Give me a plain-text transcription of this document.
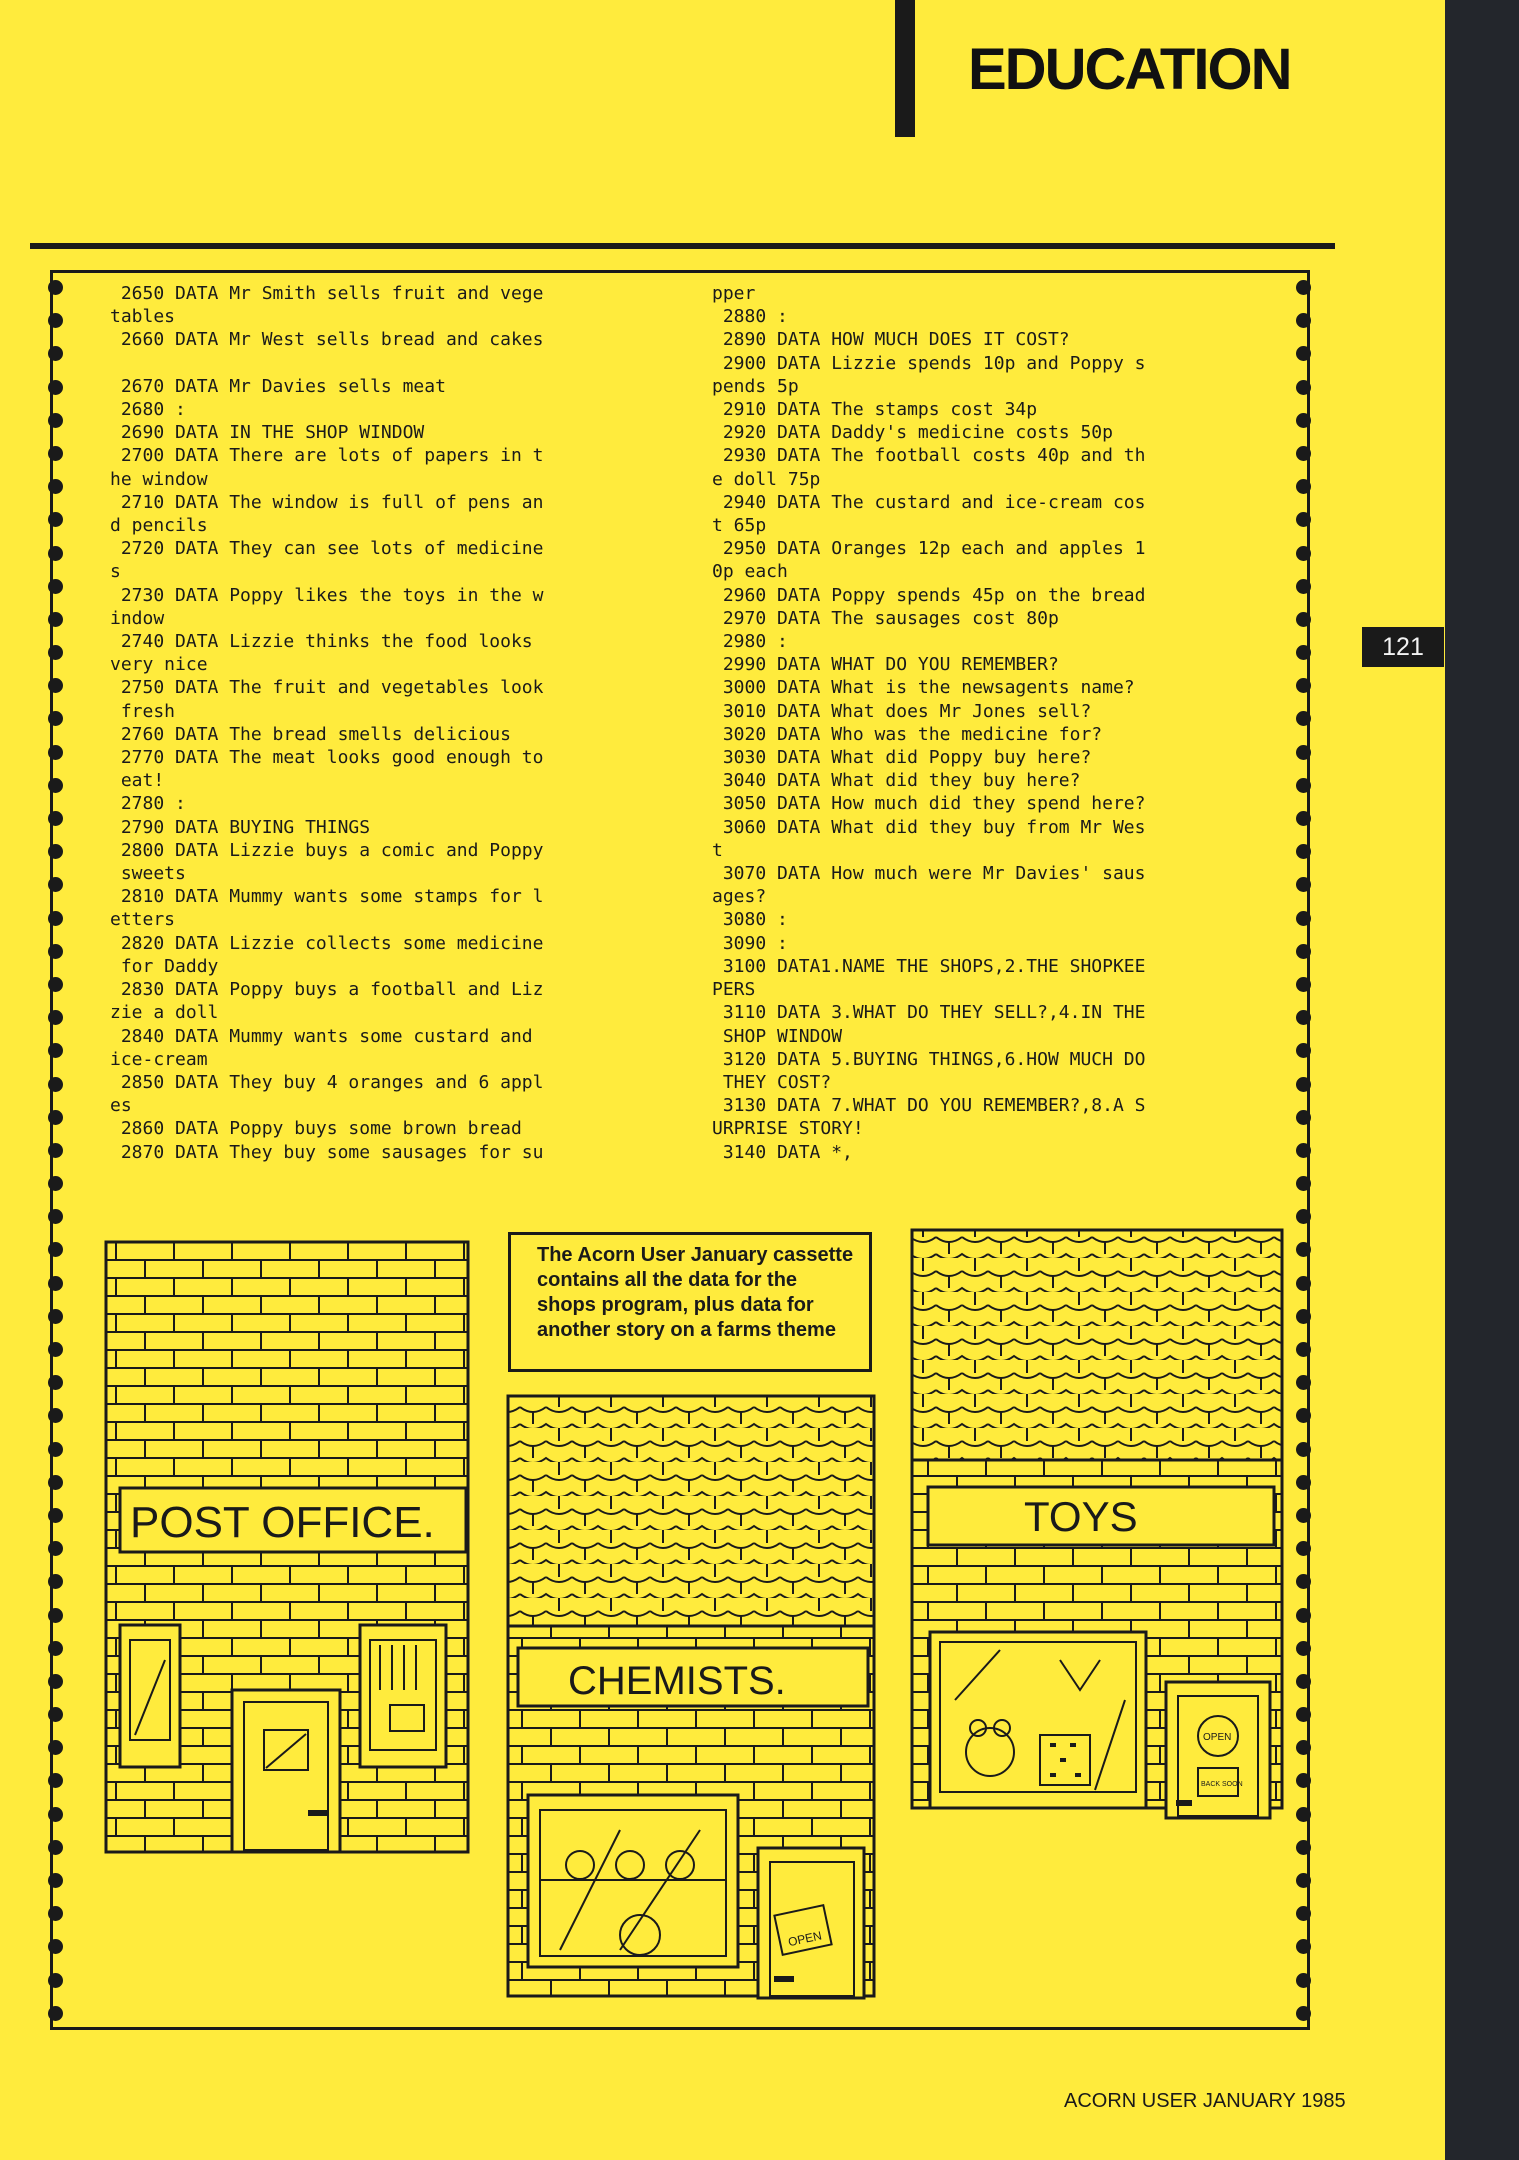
EDUCATION
2650 DATA Mr Smith sells fruit and vege
tables
2660 DATA Mr West sells bread and cakes

2670 DATA Mr Davies sells meat
2680 :
2690 DATA IN THE SHOP WINDOW
2700 DATA There are lots of papers in t
he window
2710 DATA The window is full of pens an
d pencils
2720 DATA They can see lots of medicine
s
2730 DATA Poppy likes the toys in the w
indow
2740 DATA Lizzie thinks the food looks
very nice
2750 DATA The fruit and vegetables look
fresh
2760 DATA The bread smells delicious
2770 DATA The meat looks good enough to
eat!
2780 :
2790 DATA BUYING THINGS
2800 DATA Lizzie buys a comic and Poppy
sweets
2810 DATA Mummy wants some stamps for l
etters
2820 DATA Lizzie collects some medicine
for Daddy
2830 DATA Poppy buys a football and Liz
zie a doll
2840 DATA Mummy wants some custard and
ice-cream
2850 DATA They buy 4 oranges and 6 appl
es
2860 DATA Poppy buys some brown bread
2870 DATA They buy some sausages for su
pper
2880 :
2890 DATA HOW MUCH DOES IT COST?
2900 DATA Lizzie spends 10p and Poppy s
pends 5p
2910 DATA The stamps cost 34p
2920 DATA Daddy's medicine costs 50p
2930 DATA The football costs 40p and th
e doll 75p
2940 DATA The custard and ice-cream cos
t 65p
2950 DATA Oranges 12p each and apples 1
0p each
2960 DATA Poppy spends 45p on the bread
2970 DATA The sausages cost 80p
2980 :
2990 DATA WHAT DO YOU REMEMBER?
3000 DATA What is the newsagents name?
3010 DATA What does Mr Jones sell?
3020 DATA Who was the medicine for?
3030 DATA What did Poppy buy here?
3040 DATA What did they buy here?
3050 DATA How much did they spend here?
3060 DATA What did they buy from Mr Wes
t
3070 DATA How much were Mr Davies' saus
ages?
3080 :
3090 :
3100 DATA1.NAME THE SHOPS,2.THE SHOPKEE
PERS
3110 DATA 3.WHAT DO THEY SELL?,4.IN THE
SHOP WINDOW
3120 DATA 5.BUYING THINGS,6.HOW MUCH DO
THEY COST?
3130 DATA 7.WHAT DO YOU REMEMBER?,8.A S
URPRISE STORY!
3140 DATA *,
The Acorn User January cassette contains all the data for the shops program, plus data for another story on a farms theme
POST OFFICE.
CHEMISTS.
OPEN
TOYS
OPEN
BACK SOON
ACORN USER JANUARY 1985
121
